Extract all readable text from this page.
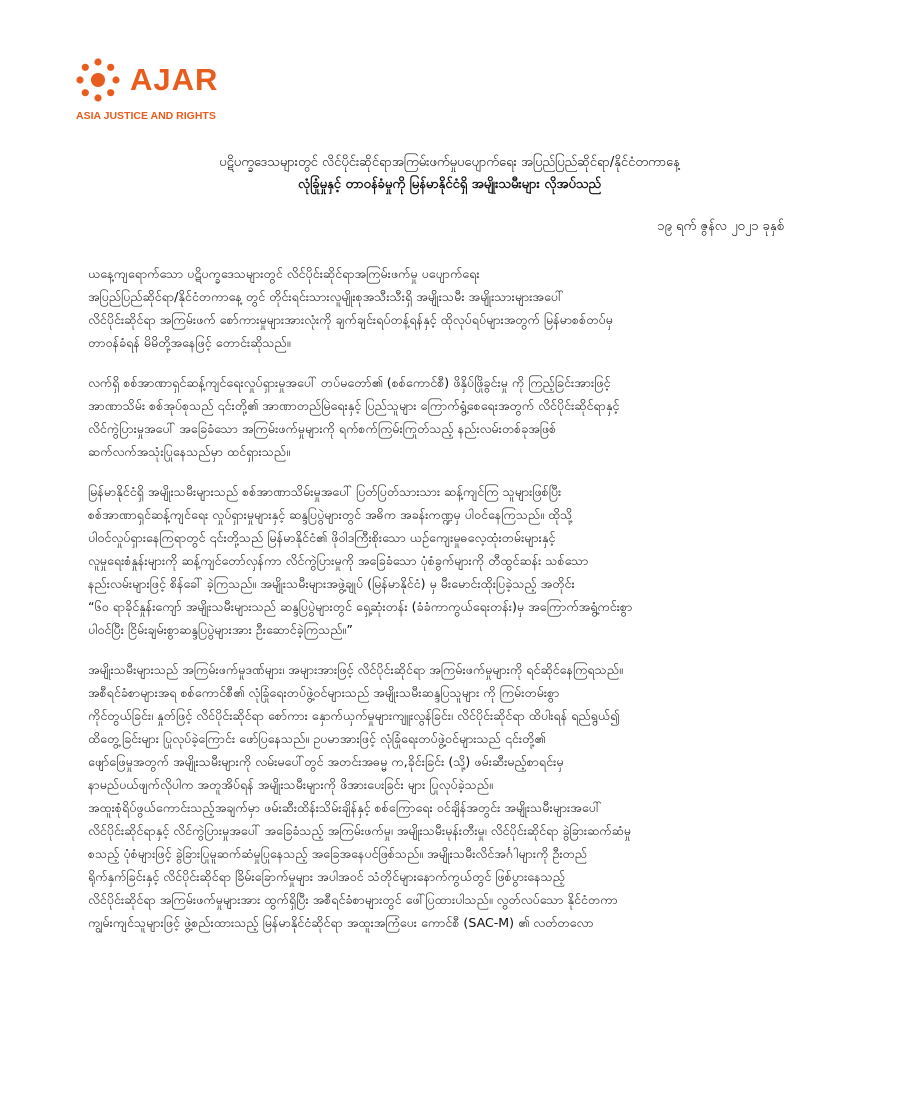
AJAR
ASIA JUSTICE AND RIGHTS
ပဋိပက္ခဒေသများတွင် လိင်ပိုင်းဆိုင်ရာအကြမ်းဖက်မှုပပျောက်ရေး အပြည်ပြည်ဆိုင်ရာ/နိုင်ငံတကာနေ့
လုံခြုံမှုနှင့် တာဝန်ခံမှုကို မြန်မာနိုင်ငံရှိ အမျိုးသမီးများ လိုအပ်သည်
၁၉ ရက် ဇွန်လ ၂၀၂၁ ခုနှစ်
ယနေ့ကျရောက်သော ပဋိပက္ခဒေသများတွင် လိင်ပိုင်းဆိုင်ရာအကြမ်းဖက်မှု ပပျောက်ရေး
အပြည်ပြည်ဆိုင်ရာ/နိုင်ငံတကာနေ့ တွင် တိုင်းရင်းသားလူမျိုးစုအသီးသီးရှိ အမျိုးသမီး အမျိုးသားများအပေါ်
လိင်ပိုင်းဆိုင်ရာ အကြမ်းဖက် စော်ကားမှုများအားလုံးကို ချက်ချင်းရပ်တန့်ရန်နှင့် ထိုလုပ်ရပ်များအတွက် မြန်မာစစ်တပ်မှ
တာဝန်ခံရန် မိမိတို့အနေဖြင့် တောင်းဆိုသည်။
လက်ရှိ စစ်အာဏာရှင်ဆန့်ကျင်ရေးလှုပ်ရှားမှုအပေါ် တပ်မတော်၏ (စစ်ကောင်စီ) ဖိနှိပ်ဖြိုခွင်းမှု ကို ကြည့်ခြင်းအားဖြင့်
အာဏာသိမ်း စစ်အုပ်စုသည် ၎င်းတို့၏ အာဏာတည်မြဲရေးနှင့် ပြည်သူများ ကြောက်ရွံ့စေရေးအတွက် လိင်ပိုင်းဆိုင်ရာနှင့်
လိင်ကွဲပြားမှုအပေါ် အခြေခံသော အကြမ်းဖက်မှုများကို ရက်စက်ကြမ်းကြုတ်သည့် နည်းလမ်းတစ်ခုအဖြစ်
ဆက်လက်အသုံးပြုနေသည်မှာ ထင်ရှားသည်။
မြန်မာနိုင်ငံရှိ အမျိုးသမီးများသည် စစ်အာဏာသိမ်းမှုအပေါ် ပြတ်ပြတ်သားသား ဆန့်ကျင်ကြ သူများဖြစ်ပြီး
စစ်အာဏာရှင်ဆန့်ကျင်ရေး လှုပ်ရှားမှုများနှင့် ဆန္ဒပြပွဲများတွင် အဓိက အခန်းကဏ္ဍမှ ပါဝင်နေကြသည်။ ထိုသို့
ပါဝင်လှုပ်ရှားနေကြရာတွင် ၎င်းတို့သည် မြန်မာနိုင်ငံ၏ ဖိုဝါဒကြီးစိုးသော ယဉ်ကျေးမှုဓလေ့ထုံးတမ်းများနှင့်
လူမှုရေးစံနှုန်းများကို ဆန့်ကျင်တော်လှန်ကာ လိင်ကွဲပြားမှုကို အခြေခံသော ပုံစံခွက်များကို တီထွင်ဆန်း သစ်သော
နည်းလမ်းများဖြင့် စိန်ခေါ် ခဲ့ကြသည်။ အမျိုးသမီးများအဖွဲ့ချုပ် (မြန်မာနိုင်ငံ) မှ မီးမောင်းထိုးပြခဲ့သည့် အတိုင်း
“၆၀ ရာခိုင်နှုန်းကျော် အမျိုးသမီးများသည် ဆန္ဒပြပွဲများတွင် ရှေ့ဆုံးတန်း (ခံခံကာကွယ်ရေးတန်း)မှ အကြောက်အရွံ့ကင်းစွာ
ပါဝင်ပြီး ငြိမ်းချမ်းစွာဆန္ဒပြပွဲများအား ဦးဆောင်ခဲ့ကြသည်။”
အမျိုးသမီးများသည် အကြမ်းဖက်မှုဒဏ်များ၊ အများအားဖြင့် လိင်ပိုင်းဆိုင်ရာ အကြမ်းဖက်မှုများကို ရင်ဆိုင်နေကြရသည်။
အစီရင်ခံစာများအရ စစ်ကောင်စီ၏ လုံခြုံရေးတပ်ဖွဲ့ဝင်များသည် အမျိုးသမီးဆန္ဒပြသူများ ကို ကြမ်းတမ်းစွာ
ကိုင်တွယ်ခြင်း၊ နှုတ်ဖြင့် လိင်ပိုင်းဆိုင်ရာ စော်ကား နှောက်ယှက်မှုများကျူးလွန်ခြင်း၊ လိင်ပိုင်းဆိုင်ရာ ထိပါးရန် ရည်ရွယ်၍
ထိတွေ့ခြင်းများ ပြုလုပ်ခဲ့ကြောင်း ဖော်ပြနေသည်။ ဥပမာအားဖြင့် လုံခြုံရေးတပ်ဖွဲ့ဝင်များသည် ၎င်းတို့၏
ဖျော်ဖြေမှုအတွက် အမျိုးသမီးများကို လမ်းမပေါ်တွင် အတင်းအဓမ္မ က,ခိုင်းခြင်း (သို့) ဖမ်းဆီးမည့်စာရင်းမှ
နာမည်ပယ်ဖျက်လိုပါက အတူအိပ်ရန် အမျိုးသမီးများကို ဖိအားပေးခြင်း များ ပြုလုပ်ခဲ့သည်။
အထူးစုံရိပ်ဖွယ်ကောင်းသည့်အချက်မှာ ဖမ်းဆီးထိန်းသိမ်းချိန်နှင့် စစ်ကြောရေး ဝင်ချိန်အတွင်း အမျိုးသမီးများအပေါ်
လိင်ပိုင်းဆိုင်ရာနှင့် လိင်ကွဲပြားမှုအပေါ် အခြေခံသည့် အကြမ်းဖက်မှု၊ အမျိုးသမီးမုန်းတီးမှု၊ လိင်ပိုင်းဆိုင်ရာ ခွဲခြားဆက်ဆံမှု
စသည့် ပုံစံများဖြင့် ခွဲခြားပြုမူဆက်ဆံမှုပြုနေသည့် အခြေအနေပင်ဖြစ်သည်။ အမျိုးသမီးလိင်အင်္ဂါများကို ဦးတည်
ရိုက်နှက်ခြင်းနှင့် လိင်ပိုင်းဆိုင်ရာ ခြိမ်းခြောက်မှုများ အပါအဝင် သံတိုင်များနောက်ကွယ်တွင် ဖြစ်ပွားနေသည့်
လိင်ပိုင်းဆိုင်ရာ အကြမ်းဖက်မှုများအား ထွက်ရှိပြီး အစီရင်ခံစာများတွင် ဖေါ်ပြထားပါသည်။ လွတ်လပ်သော နိုင်ငံတကာ
ကျွမ်းကျင်သူများဖြင့် ဖွဲ့စည်းထားသည့် မြန်မာနိုင်ငံဆိုင်ရာ အထူးအကြံပေး ကောင်စီ (SAC-M) ၏ လတ်တလော
